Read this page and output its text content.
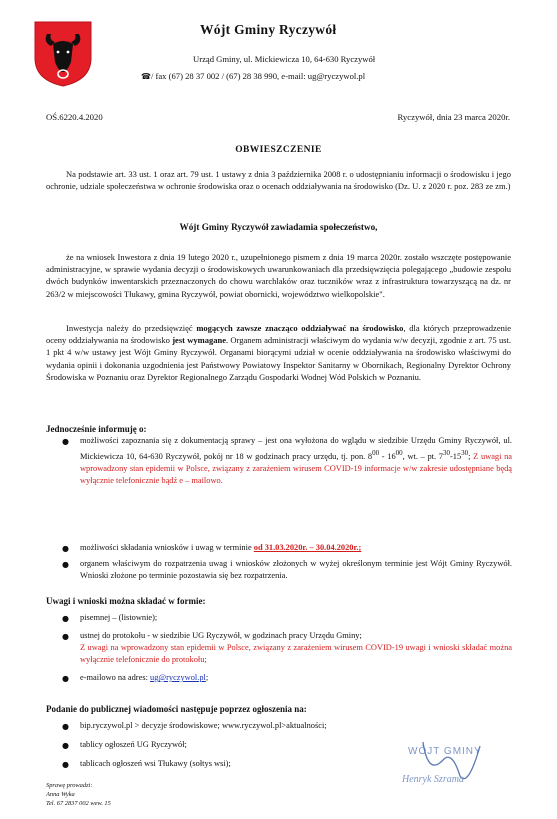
Wójt Gminy Ryczywół
Urząd Gminy, ul. Mickiewicza 10, 64-630 Ryczywół
☎/ fax (67) 28 37 002 / (67) 28 38 990, e-mail: ug@ryczywol.pl
OŚ.6220.4.2020	Ryczywół, dnia 23 marca 2020r.
OBWIESZCZENIE
Na podstawie art. 33 ust. 1 oraz art. 79 ust. 1 ustawy z dnia 3 października 2008 r. o udostępnianiu informacji o środowisku i jego ochronie, udziale społeczeństwa w ochronie środowiska oraz o ocenach oddziaływania na środowisko (Dz. U. z 2020 r. poz. 283 ze zm.)
Wójt Gminy Ryczywół zawiadamia społeczeństwo,
że na wniosek Inwestora z dnia 19 lutego 2020 r., uzupełnionego pismem z dnia 19 marca 2020r. zostało wszczęte postępowanie administracyjne, w sprawie wydania decyzji o środowiskowych uwarunkowaniach dla przedsięwzięcia polegającego „budowie zespołu dwóch budynków inwentarskich przeznaczonych do chowu warchlaków oraz tuczników wraz z infrastruktura towarzyszącą na dz. nr 263/2 w miejscowości Tłukawy, gmina Ryczywół, powiat obornicki, województwo wielkopolskie".
Inwestycja należy do przedsięwzięć mogących zawsze znacząco oddziaływać na środowisko, dla których przeprowadzenie oceny oddziaływania na środowisko jest wymagane. Organem administracji właściwym do wydania w/w decyzji, zgodnie z art. 75 ust. 1 pkt 4 w/w ustawy jest Wójt Gminy Ryczywół. Organami biorącymi udział w ocenie oddziaływania na środowisko właściwymi do wydania opinii i dokonania uzgodnienia jest Państwowy Powiatowy Inspektor Sanitarny w Obornikach, Regionalny Dyrektor Ochrony Środowiska w Poznaniu oraz Dyrektor Regionalnego Zarządu Gospodarki Wodnej Wód Polskich w Poznaniu.
Jednocześnie informuję o:
● możliwości zapoznania się z dokumentacją sprawy – jest ona wyłożona do wglądu w siedzibie Urzędu Gminy Ryczywół, ul. Mickiewicza 10, 64-630 Ryczywół, pokój nr 18 w godzinach pracy urzędu, tj. pon. $8^{00} - 16^{00}$, wt. – pt. $7^{30}-15^{30}$; Z uwagi na wprowadzony stan epidemii w Polsce, związany z zarażeniem wirusem COVID-19 informacje w/w zakresie udostępniane będą wyłącznie telefonicznie bądź e – mailowo.
● możliwości składania wniosków i uwag w terminie od 31.03.2020r. – 30.04.2020r.;
● organem właściwym do rozpatrzenia uwag i wniosków złożonych w wyżej określonym terminie jest Wójt Gminy Ryczywół. Wnioski złożone po terminie pozostawia się bez rozpatrzenia.
Uwagi i wnioski można składać w formie:
● pisemnej – (listownie);
● ustnej do protokołu - w siedzibie UG Ryczywół, w godzinach pracy Urzędu Gminy;
Z uwagi na wprowadzony stan epidemii w Polsce, związany z zarażeniem wirusem COVID-19 uwagi i wnioski składać można wyłącznie telefonicznie do protokołu;
● e-mailowo na adres: ug@ryczywol.pl;
Podanie do publicznej wiadomości następuje poprzez ogłoszenia na:
● bip.ryczywol.pl > decyzje środowiskowe; www.ryczywol.pl>aktualności;
● tablicy ogłoszeń UG Ryczywół;
● tablicach ogłoszeń wsi Tłukawy (sołtys wsi);
WÓJT GMINY
Henryk Szrama
Sprawę prowadzi:
Anna Wyka
Tel. 67 2837 002 wew. 15
